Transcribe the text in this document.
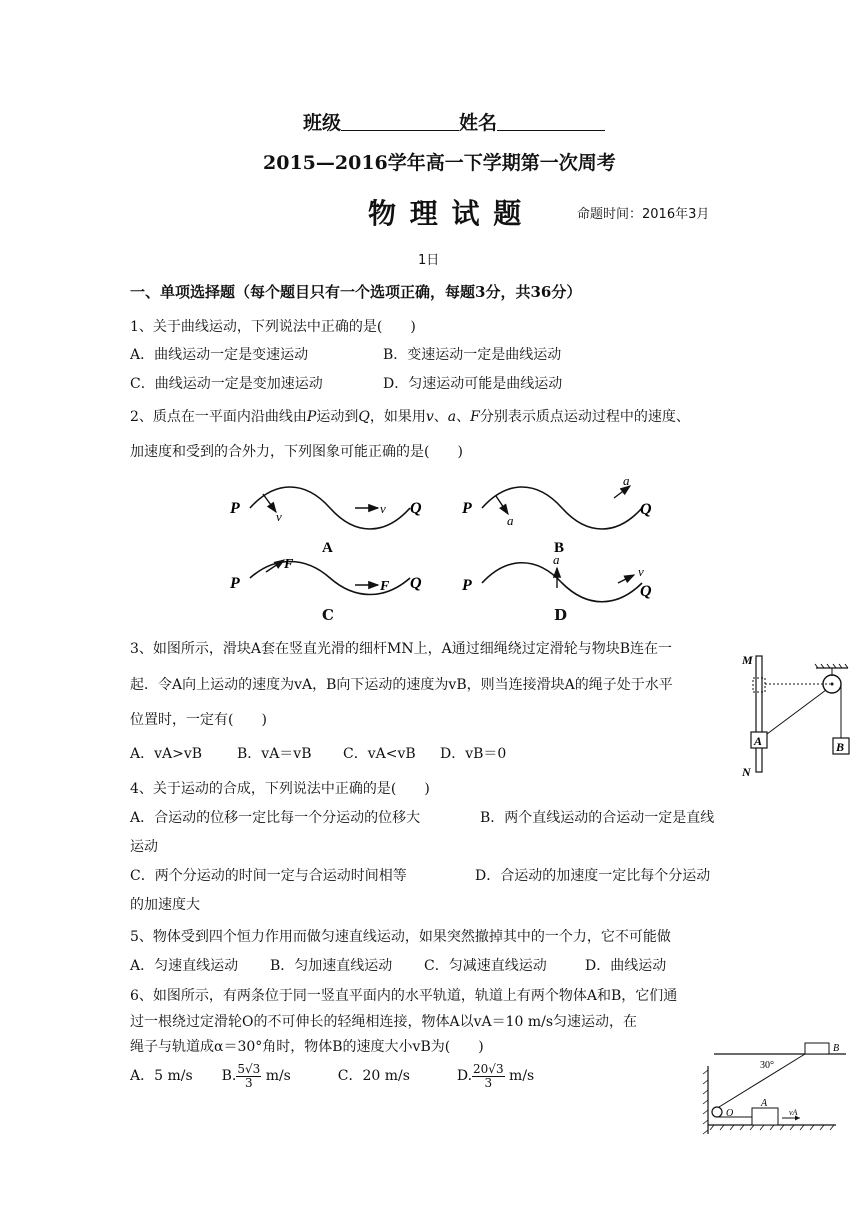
班级	姓名
2015—2016学年高一下学期第一次周考
物 理 试 题	命题时间：2016年3月
1日
一、单项选择题（每个题目只有一个选项正确，每题3分，共36分）
1、关于曲线运动，下列说法中正确的是(　　)
A．曲线运动一定是变速运动	B．变速运动一定是曲线运动
C．曲线运动一定是变加速运动	D．匀速运动可能是曲线运动
2、质点在一平面内沿曲线由P运动到Q，如果用v、a、F分别表示质点运动过程中的速度、
加速度和受到的合外力，下列图象可能正确的是(　　)
P	Q
v
v
A
P	Q
a
a
B
P	Q
F
F	P	Q
a
v
C	D
3、如图所示，滑块A套在竖直光滑的细杆MN上，A通过细绳绕过定滑轮与物块B连在一
起．令A向上运动的速度为vA，B向下运动的速度为vB，则当连接滑块A的绳子处于水平
位置时，一定有(　　)
A．vA>vB B．vA＝vB C．vA<vB D．vB＝0
M
N
A	B
4、关于运动的合成，下列说法中正确的是(　　)
A．合运动的位移一定比每一个分运动的位移大	B．两个直线运动的合运动一定是直线
运动
C．两个分运动的时间一定与合运动时间相等	D．合运动的加速度一定比每个分运动
的加速度大
5、物体受到四个恒力作用而做匀速直线运动，如果突然撤掉其中的一个力，它不可能做
A．匀速直线运动 B．匀加速直线运动 C．匀减速直线运动	D．曲线运动
6、如图所示，有两条位于同一竖直平面内的水平轨道，轨道上有两个物体A和B，它们通
过一根绕过定滑轮O的不可伸长的轻绳相连接，物体A以vA＝10 m/s匀速运动，在
绳子与轨道成α＝30°角时，物体B的速度大小vB为(　　)
A．5 m/s B. $\frac{5√3}{3} m/s$	C．20 m/s	D. $\frac{20√3}{3} m/s$
B
30°
O
A
vA
